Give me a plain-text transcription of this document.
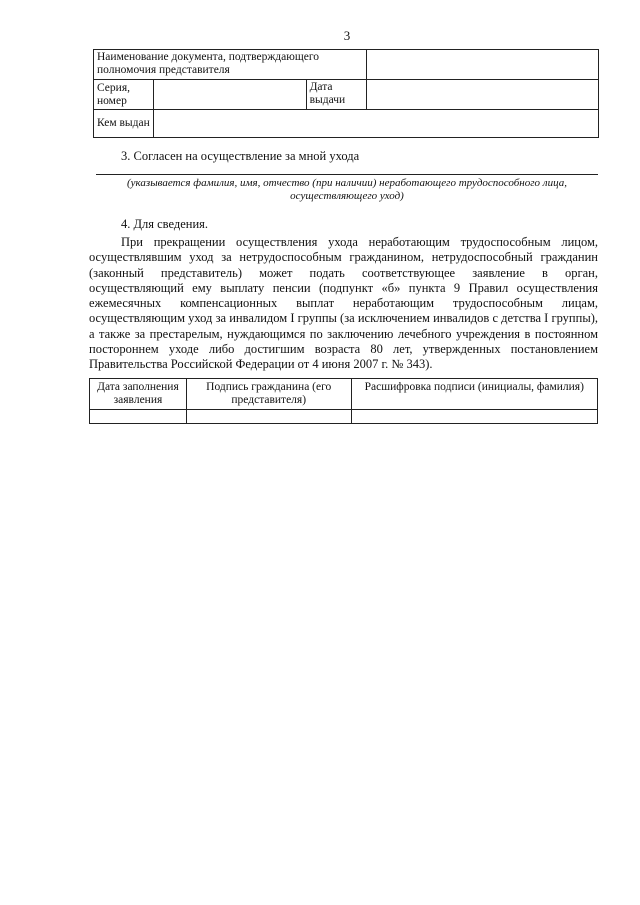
3
Наименование документа, подтверждающего полномочия представителя			
Серия, номер		Дата выдачи	
Кем выдан			
3. Согласен на осуществление за мной ухода
(указывается фамилия, имя, отчество (при наличии) неработающего трудоспособного лица, осуществляющего уход)
4. Для сведения.

При прекращении осуществления ухода неработающим трудоспособным лицом, осуществлявшим уход за нетрудоспособным гражданином, нетрудоспособный гражданин (законный представитель) может подать соответствующее заявление в орган, осуществляющий ему выплату пенсии (подпункт «б» пункта 9 Правил осуществления ежемесячных компенсационных выплат неработающим трудоспособным лицам, осуществляющим уход за инвалидом I группы (за исключением инвалидов с детства I группы), а также за престарелым, нуждающимся по заключению лечебного учреждения в постоянном постороннем уходе либо достигшим возраста 80 лет, утвержденных постановлением Правительства Российской Федерации от 4 июня 2007 г. № 343).

Дата заполнения заявления	Подпись гражданина (его представителя)	Расшифровка подписи (инициалы, фамилия)
